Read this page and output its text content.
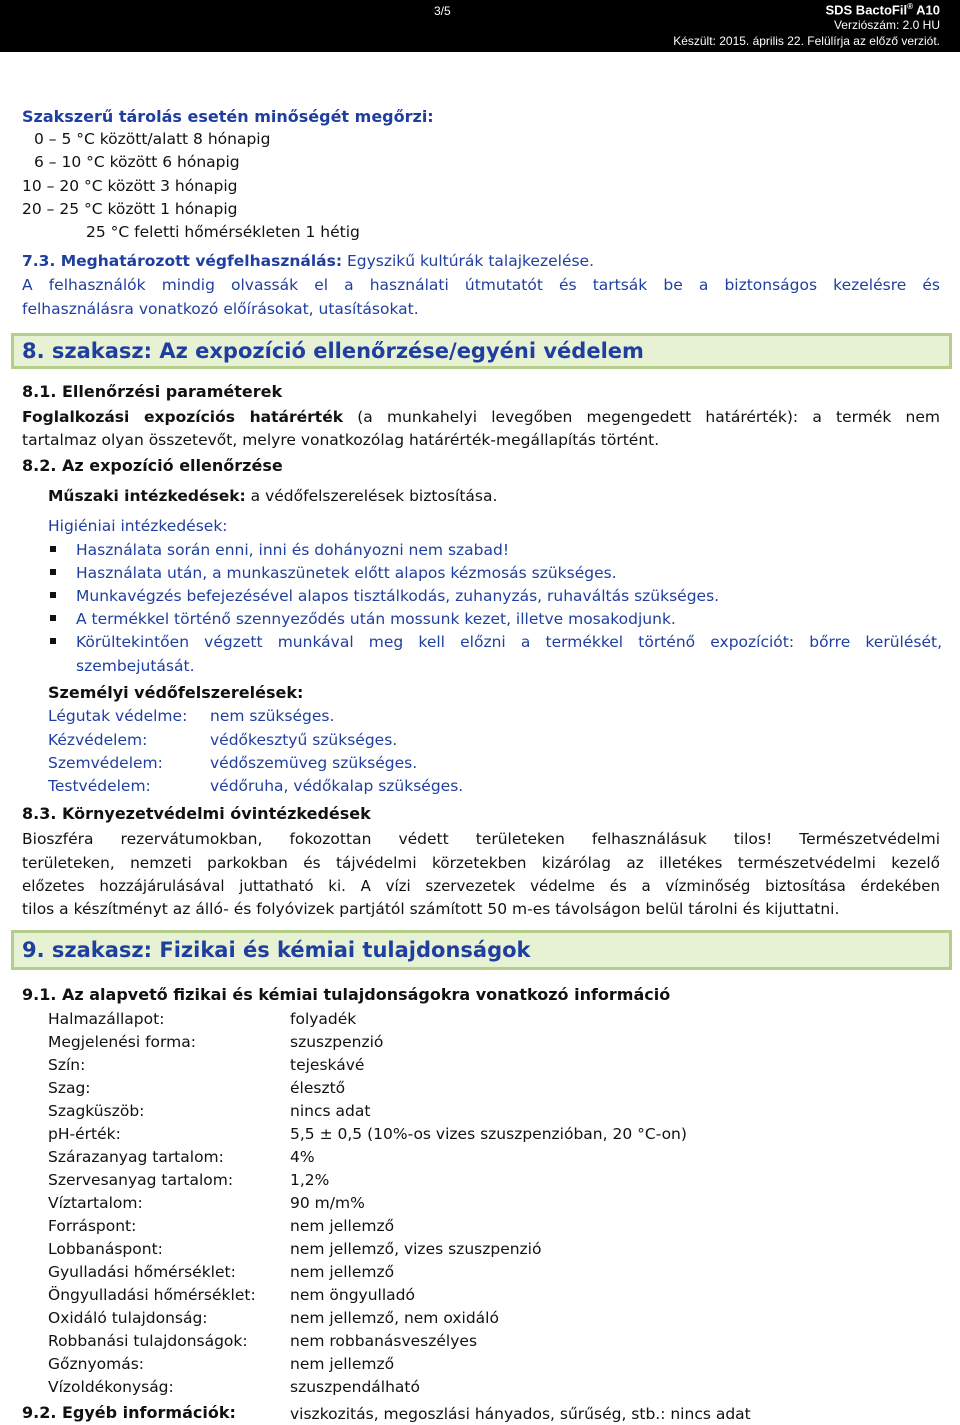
3/5	SDS BactoFil® A10
Verziószám: 2.0 HU
Készült: 2015. április 22. Felülírja az előző verziót.
Szakszerű tárolás esetén minőségét megőrzi:
0 – 5 °C között/alatt 8 hónapig
6 – 10 °C között 6 hónapig
10 – 20 °C között 3 hónapig
20 – 25 °C között 1 hónapig
25 °C feletti hőmérsékleten 1 hétig
7.3. Meghatározott végfelhasználás: Egyszikű kultúrák talajkezelése.
A felhasználók mindig olvassák el a használati útmutatót és tartsák be a biztonságos kezelésre és
felhasználásra vonatkozó előírásokat, utasításokat.
8. szakasz: Az expozíció ellenőrzése/egyéni védelem
8.1. Ellenőrzési paraméterek
Foglalkozási expozíciós határérték (a munkahelyi levegőben megengedett határérték): a termék nem
tartalmaz olyan összetevőt, melyre vonatkozólag határérték-megállapítás történt.
8.2. Az expozíció ellenőrzése
Műszaki intézkedések: a védőfelszerelések biztosítása.
Higiéniai intézkedések:
Használata során enni, inni és dohányozni nem szabad!
Használata után, a munkaszünetek előtt alapos kézmosás szükséges.
Munkavégzés befejezésével alapos tisztálkodás, zuhanyzás, ruhaváltás szükséges.
A termékkel történő szennyeződés után mossunk kezet, illetve mosakodjunk.
Körültekintően végzett munkával meg kell előzni a termékkel történő expozíciót: bőrre kerülését,
szembejutását.
Személyi védőfelszerelések:
Légutak védelme: nem szükséges.
Kézvédelem:	védőkesztyű szükséges.
Szemvédelem:	védőszemüveg szükséges.
Testvédelem:	védőruha, védőkalap szükséges.
8.3. Környezetvédelmi óvintézkedések
Bioszféra rezervátumokban, fokozottan védett területeken felhasználásuk tilos! Természetvédelmi
területeken, nemzeti parkokban és tájvédelmi körzetekben kizárólag az illetékes természetvédelmi kezelő
előzetes hozzájárulásával juttatható ki. A vízi szervezetek védelme és a vízminőség biztosítása érdekében
tilos a készítményt az álló- és folyóvizek partjától számított 50 m-es távolságon belül tárolni és kijuttatni.
9. szakasz: Fizikai és kémiai tulajdonságok
9.1. Az alapvető fizikai és kémiai tulajdonságokra vonatkozó információ
Halmazállapot:	folyadék
Megjelenési forma:	szuszpenzió
Szín:	tejeskávé
Szag:	élesztő
Szagküszöb:	nincs adat
pH-érték:	5,5 ± 0,5 (10%-os vizes szuszpenzióban, 20 °C-on)
Szárazanyag tartalom:	4%
Szervesanyag tartalom:	1,2%
Víztartalom:	90 m/m%
Forráspont:	nem jellemző
Lobbanáspont:	nem jellemző, vizes szuszpenzió
Gyulladási hőmérséklet:	nem jellemző
Öngyulladási hőmérséklet: nem öngyulladó
Oxidáló tulajdonság:	nem jellemző, nem oxidáló
Robbanási tulajdonságok:	nem robbanásveszélyes
Gőznyomás:	nem jellemző
Vízoldékonyság:	szuszpendálható
9.2. Egyéb információk:	viszkozitás, megoszlási hányados, sűrűség, stb.: nincs adat
